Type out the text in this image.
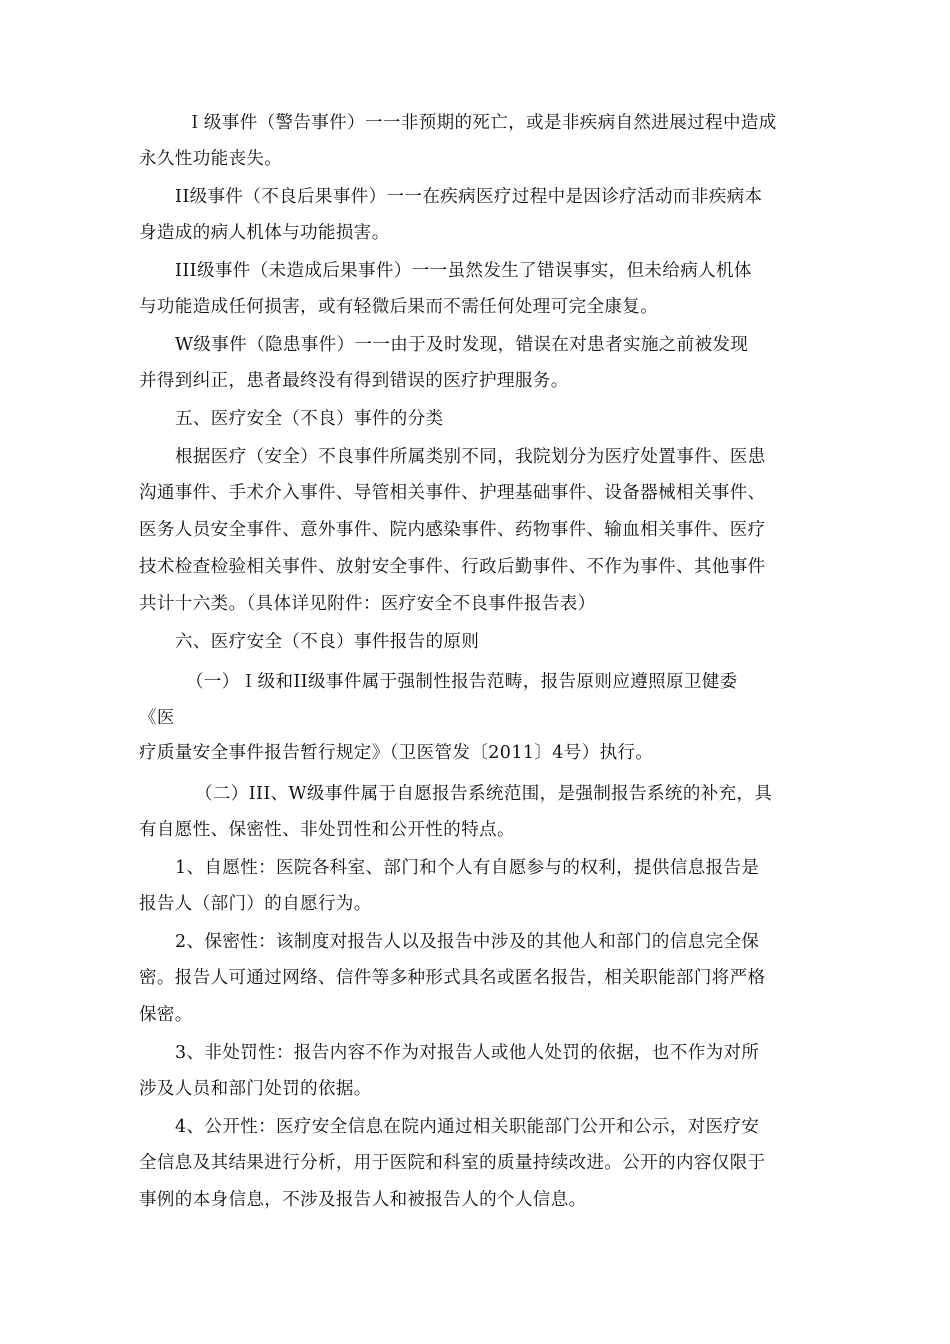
Ｉ级事件（警告事件）一一非预期的死亡，或是非疾病自然进展过程中造成
永久性功能丧失。
II级事件（不良后果事件）一一在疾病医疗过程中是因诊疗活动而非疾病本
身造成的病人机体与功能损害。
III级事件（未造成后果事件）一一虽然发生了错误事实，但未给病人机体
与功能造成任何损害，或有轻微后果而不需任何处理可完全康复。
W级事件（隐患事件）一一由于及时发现，错误在对患者实施之前被发现
并得到纠正，患者最终没有得到错误的医疗护理服务。
五、医疗安全（不良）事件的分类
根据医疗（安全）不良事件所属类别不同，我院划分为医疗处置事件、医患
沟通事件、手术介入事件、导管相关事件、护理基础事件、设备器械相关事件、
医务人员安全事件、意外事件、院内感染事件、药物事件、输血相关事件、医疗
技术检查检验相关事件、放射安全事件、行政后勤事件、不作为事件、其他事件
共计十六类。（具体详见附件：医疗安全不良事件报告表）
六、医疗安全（不良）事件报告的原则
（一）Ｉ级和II级事件属于强制性报告范畴，报告原则应遵照原卫健委
《医
疗质量安全事件报告暂行规定》（卫医管发〔2011〕4号）执行。
（二）III、W级事件属于自愿报告系统范围，是强制报告系统的补充，具
有自愿性、保密性、非处罚性和公开性的特点。
1、自愿性：医院各科室、部门和个人有自愿参与的权利，提供信息报告是
报告人（部门）的自愿行为。
2、保密性：该制度对报告人以及报告中涉及的其他人和部门的信息完全保
密。报告人可通过网络、信件等多种形式具名或匿名报告，相关职能部门将严格
保密。
3、非处罚性：报告内容不作为对报告人或他人处罚的依据，也不作为对所
涉及人员和部门处罚的依据。
4、公开性：医疗安全信息在院内通过相关职能部门公开和公示，对医疗安
全信息及其结果进行分析，用于医院和科室的质量持续改进。公开的内容仅限于
事例的本身信息，不涉及报告人和被报告人的个人信息。
